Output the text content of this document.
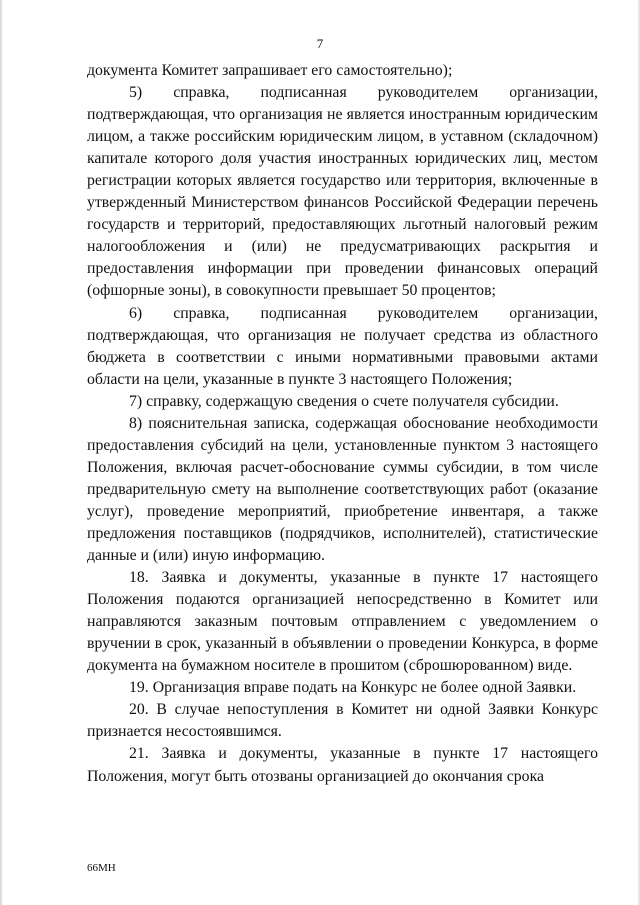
7

документа Комитет запрашивает его самостоятельно);

5) справка, подписанная руководителем организации, подтверждающая, что организация не является иностранным юридическим лицом, а также российским юридическим лицом, в уставном (складочном) капитале которого доля участия иностранных юридических лиц, местом регистрации которых является государство или территория, включенные в утвержденный Министерством финансов Российской Федерации перечень государств и территорий, предоставляющих льготный налоговый режим налогообложения и (или) не предусматривающих раскрытия и предоставления информации при проведении финансовых операций (офшорные зоны), в совокупности превышает 50 процентов;

6) справка, подписанная руководителем организации, подтверждающая, что организация не получает средства из областного бюджета в соответствии с иными нормативными правовыми актами области на цели, указанные в пункте 3 настоящего Положения;

7) справку, содержащую сведения о счете получателя субсидии.

8) пояснительная записка, содержащая обоснование необходимости предоставления субсидий на цели, установленные пунктом 3 настоящего Положения, включая расчет-обоснование суммы субсидии, в том числе предварительную смету на выполнение соответствующих работ (оказание услуг), проведение мероприятий, приобретение инвентаря, а также предложения поставщиков (подрядчиков, исполнителей), статистические данные и (или) иную информацию.

18. Заявка и документы, указанные в пункте 17 настоящего Положения подаются организацией непосредственно в Комитет или направляются заказным почтовым отправлением с уведомлением о вручении в срок, указанный в объявлении о проведении Конкурса, в форме документа на бумажном носителе в прошитом (сброшюрованном) виде.

19. Организация вправе подать на Конкурс не более одной Заявки.

20. В случае непоступления в Комитет ни одной Заявки Конкурс признается несостоявшимся.

21. Заявка и документы, указанные в пункте 17 настоящего Положения, могут быть отозваны организацией до окончания срока

66МН
